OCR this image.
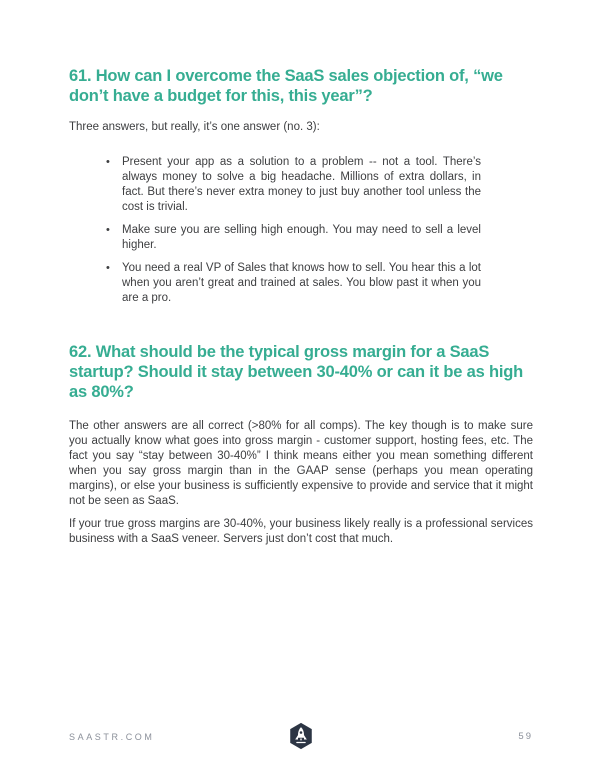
61. How can I overcome the SaaS sales objection of, “we don’t have a budget for this, this year”?

Three answers, but really, it’s one answer (no. 3):

• Present your app as a solution to a problem -- not a tool. There’s always money to solve a big headache. Millions of extra dollars, in fact. But there’s never extra money to just buy another tool unless the cost is trivial.
• Make sure you are selling high enough. You may need to sell a level higher.
• You need a real VP of Sales that knows how to sell. You hear this a lot when you aren’t great and trained at sales. You blow past it when you are a pro.
62. What should be the typical gross margin for a SaaS startup? Should it stay between 30-40% or can it be as high as 80%?

The other answers are all correct (>80% for all comps). The key though is to make sure you actually know what goes into gross margin - customer support, hosting fees, etc. The fact you say “stay between 30-40%” I think means either you mean something different when you say gross margin than in the GAAP sense (perhaps you mean operating margins), or else your business is sufficiently expensive to provide and service that it might not be seen as SaaS.

If your true gross margins are 30-40%, your business likely really is a professional services business with a SaaS veneer. Servers just don’t cost that much.

SAASTR.COM	59
